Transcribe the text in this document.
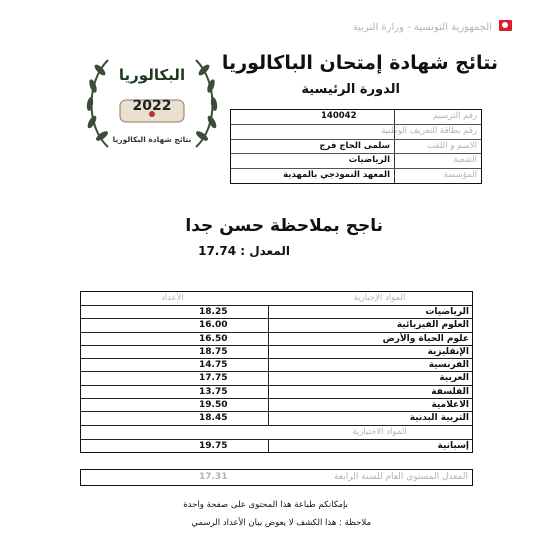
الجمهورية التونسية - وزارة التربية
نتائج شهادة إمتحان الباكالوريا
الدورة الرئيسية
البكالوريا
2022
نتائج شهادة البكالوريا
رقم الترسيم
140042
رقم بطاقة التعريف الوطنية
الاسم و اللقب
سلمى الحاج فرج
الشعبة
الرياضيات
المؤسسة
المعهد النموذجي بالمهدية
ناجح بملاحظة حسن جدا
المعدل : 17.74
المواد الإجبارية
الأعداد
الرياضيات
18.25
العلوم الفيزيائية
16.00
علوم الحياة والأرض
16.50
الإنقليزية
18.75
الفرنسية
14.75
العربية
17.75
الفلسفة
13.75
الاعلامية
19.50
التربية البدنية
18.45
المواد الاختيارية
إسبانية
19.75
المعدل المستوى العام للسنة الرابعة
17.31
بإمكانكم طباعة هذا المحتوى على صفحة واحدة
ملاحظة : هذا الكشف لا يعوض بيان الأعداد الرسمي
